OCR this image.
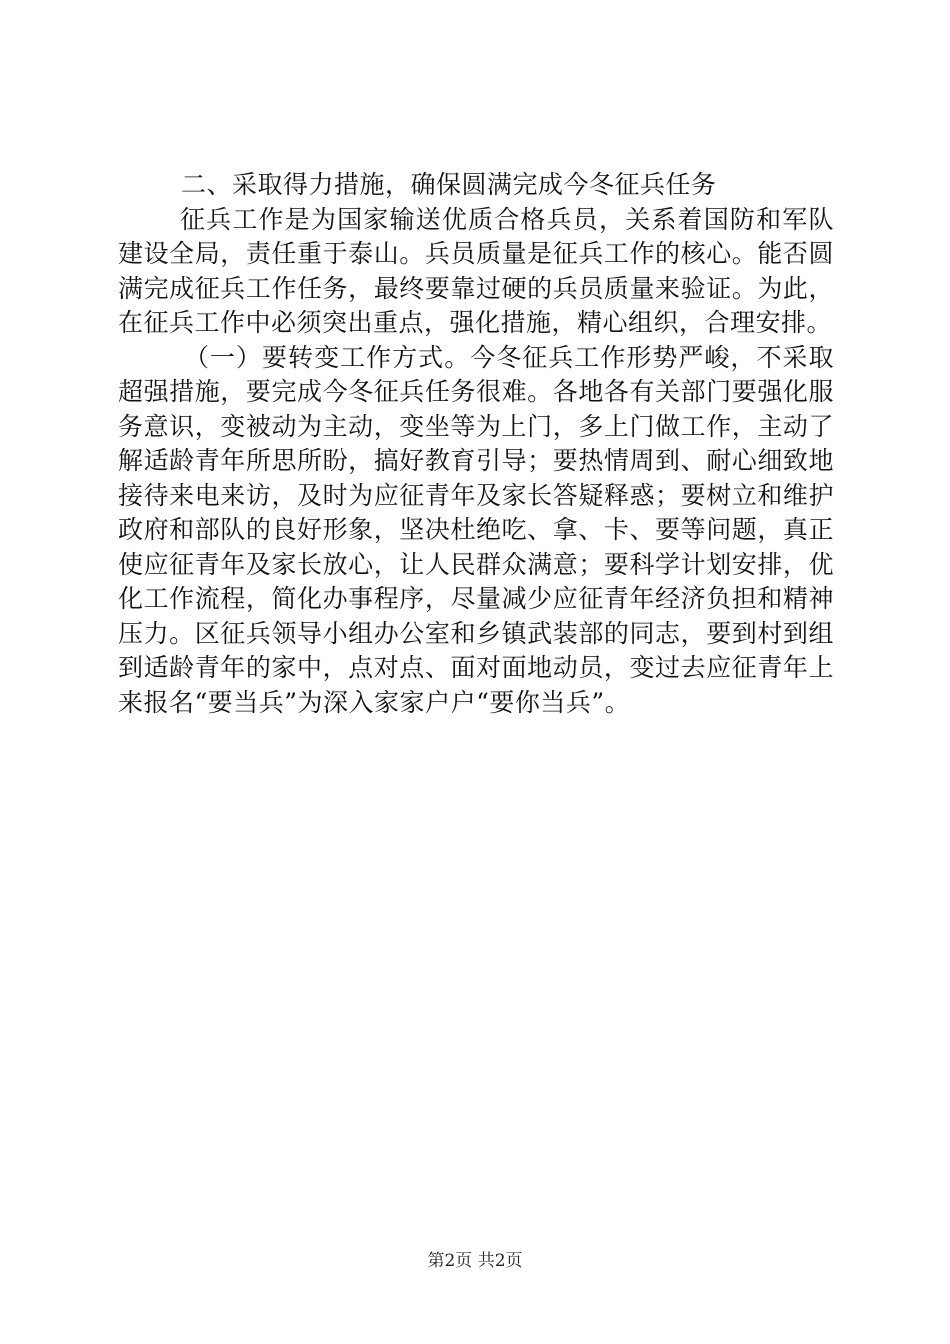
二、采取得力措施，确保圆满完成今冬征兵任务

征兵工作是为国家输送优质合格兵员，关系着国防和军队建设全局，责任重于泰山。兵员质量是征兵工作的核心。能否圆满完成征兵工作任务，最终要靠过硬的兵员质量来验证。为此，在征兵工作中必须突出重点，强化措施，精心组织，合理安排。

（一）要转变工作方式。今冬征兵工作形势严峻，不采取超强措施，要完成今冬征兵任务很难。各地各有关部门要强化服务意识，变被动为主动，变坐等为上门，多上门做工作，主动了解适龄青年所思所盼，搞好教育引导；要热情周到、耐心细致地接待来电来访，及时为应征青年及家长答疑释惑；要树立和维护政府和部队的良好形象，坚决杜绝吃、拿、卡、要等问题，真正使应征青年及家长放心，让人民群众满意；要科学计划安排，优化工作流程，简化办事程序，尽量减少应征青年经济负担和精神压力。区征兵领导小组办公室和乡镇武装部的同志，要到村到组到适龄青年的家中，点对点、面对面地动员，变过去应征青年上来报名“要当兵”为深入家家户户“要你当兵”。

第2页 共2页
